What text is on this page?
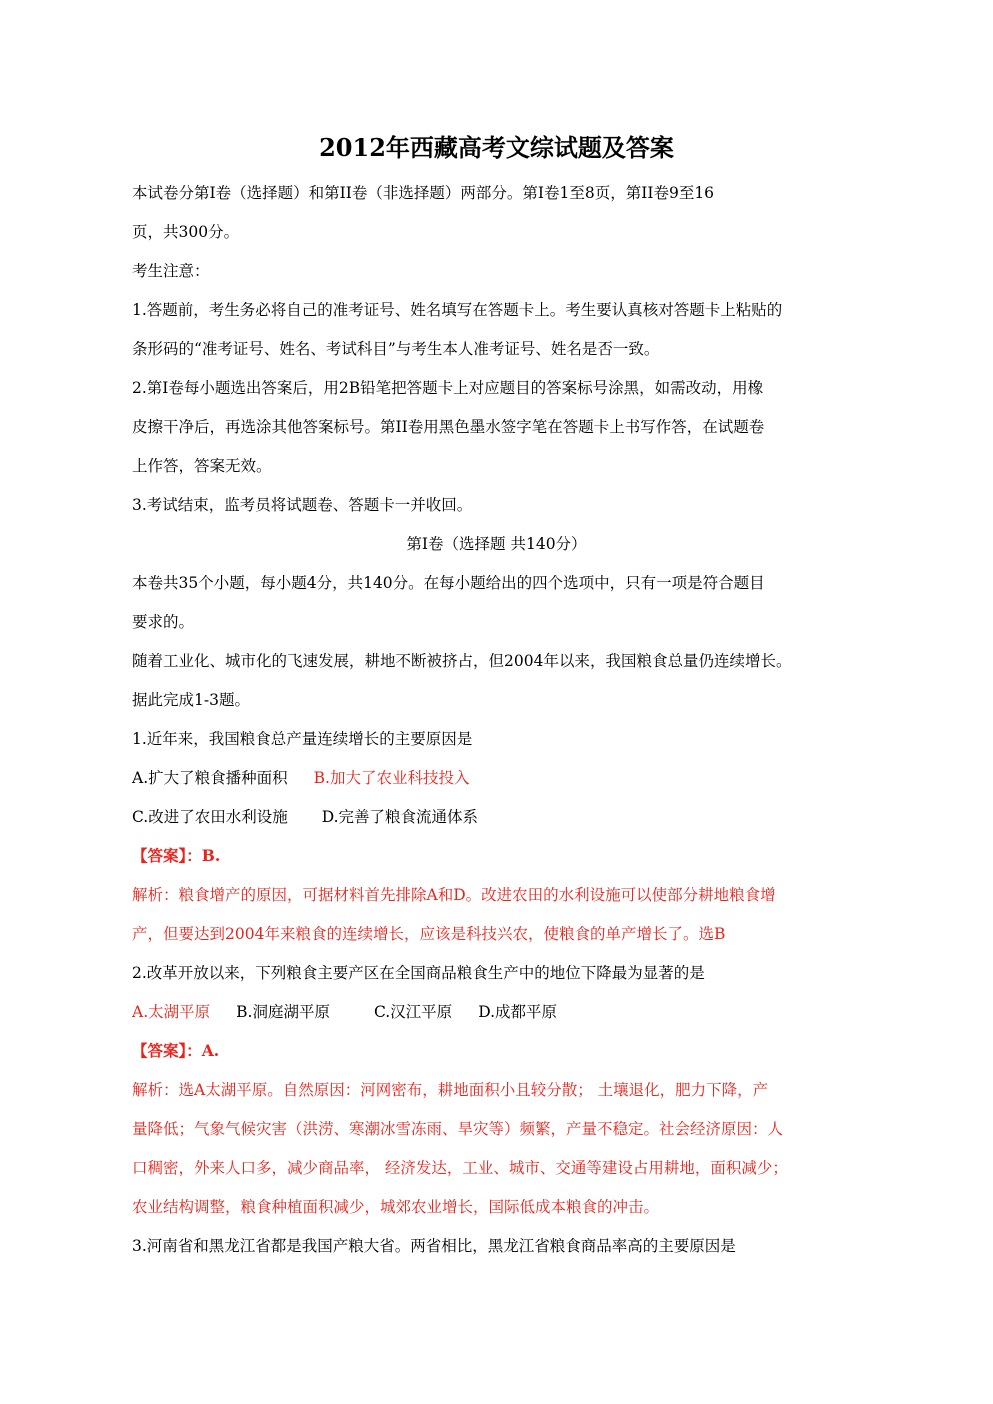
2012年西藏高考文综试题及答案
本试卷分第Ⅰ卷（选择题）和第II卷（非选择题）两部分。第Ⅰ卷1至8页，第II卷9至16
页，共300分。
考生注意：
1.答题前，考生务必将自己的准考证号、姓名填写在答题卡上。考生要认真核对答题卡上粘贴的
条形码的“准考证号、姓名、考试科目”与考生本人准考证号、姓名是否一致。
2.第Ⅰ卷每小题选出答案后，用2B铅笔把答题卡上对应题目的答案标号涂黑，如需改动，用橡
皮擦干净后，再选涂其他答案标号。第II卷用黑色墨水签字笔在答题卡上书写作答，在试题卷
上作答，答案无效。
3.考试结束，监考员将试题卷、答题卡一并收回。
第Ⅰ卷（选择题 共140分）
本卷共35个小题，每小题4分，共140分。在每小题给出的四个选项中，只有一项是符合题目
要求的。
随着工业化、城市化的飞速发展，耕地不断被挤占，但2004年以来，我国粮食总量仍连续增长。
据此完成1-3题。
1.近年来，我国粮食总产量连续增长的主要原因是
A.扩大了粮食播种面积 B.加大了农业科技投入
C.改进了农田水利设施 D.完善了粮食流通体系
【答案】：B.
解析：粮食增产的原因，可据材料首先排除A和D。改进农田的水利设施可以使部分耕地粮食增
产，但要达到2004年来粮食的连续增长，应该是科技兴农，使粮食的单产增长了。选B
2.改革开放以来，下列粮食主要产区在全国商品粮食生产中的地位下降最为显著的是
A.太湖平原 B.洞庭湖平原	C.汉江平原 D.成都平原
【答案】：A.
解析：选A太湖平原。自然原因：河网密布，耕地面积小且较分散； 土壤退化，肥力下降，产
量降低；气象气候灾害（洪涝、寒潮冰雪冻雨、旱灾等）频繁，产量不稳定。社会经济原因：人
口稠密，外来人口多，减少商品率， 经济发达，工业、城市、交通等建设占用耕地，面积减少；
农业结构调整，粮食种植面积减少，城郊农业增长，国际低成本粮食的冲击。
3.河南省和黑龙江省都是我国产粮大省。两省相比，黑龙江省粮食商品率高的主要原因是
